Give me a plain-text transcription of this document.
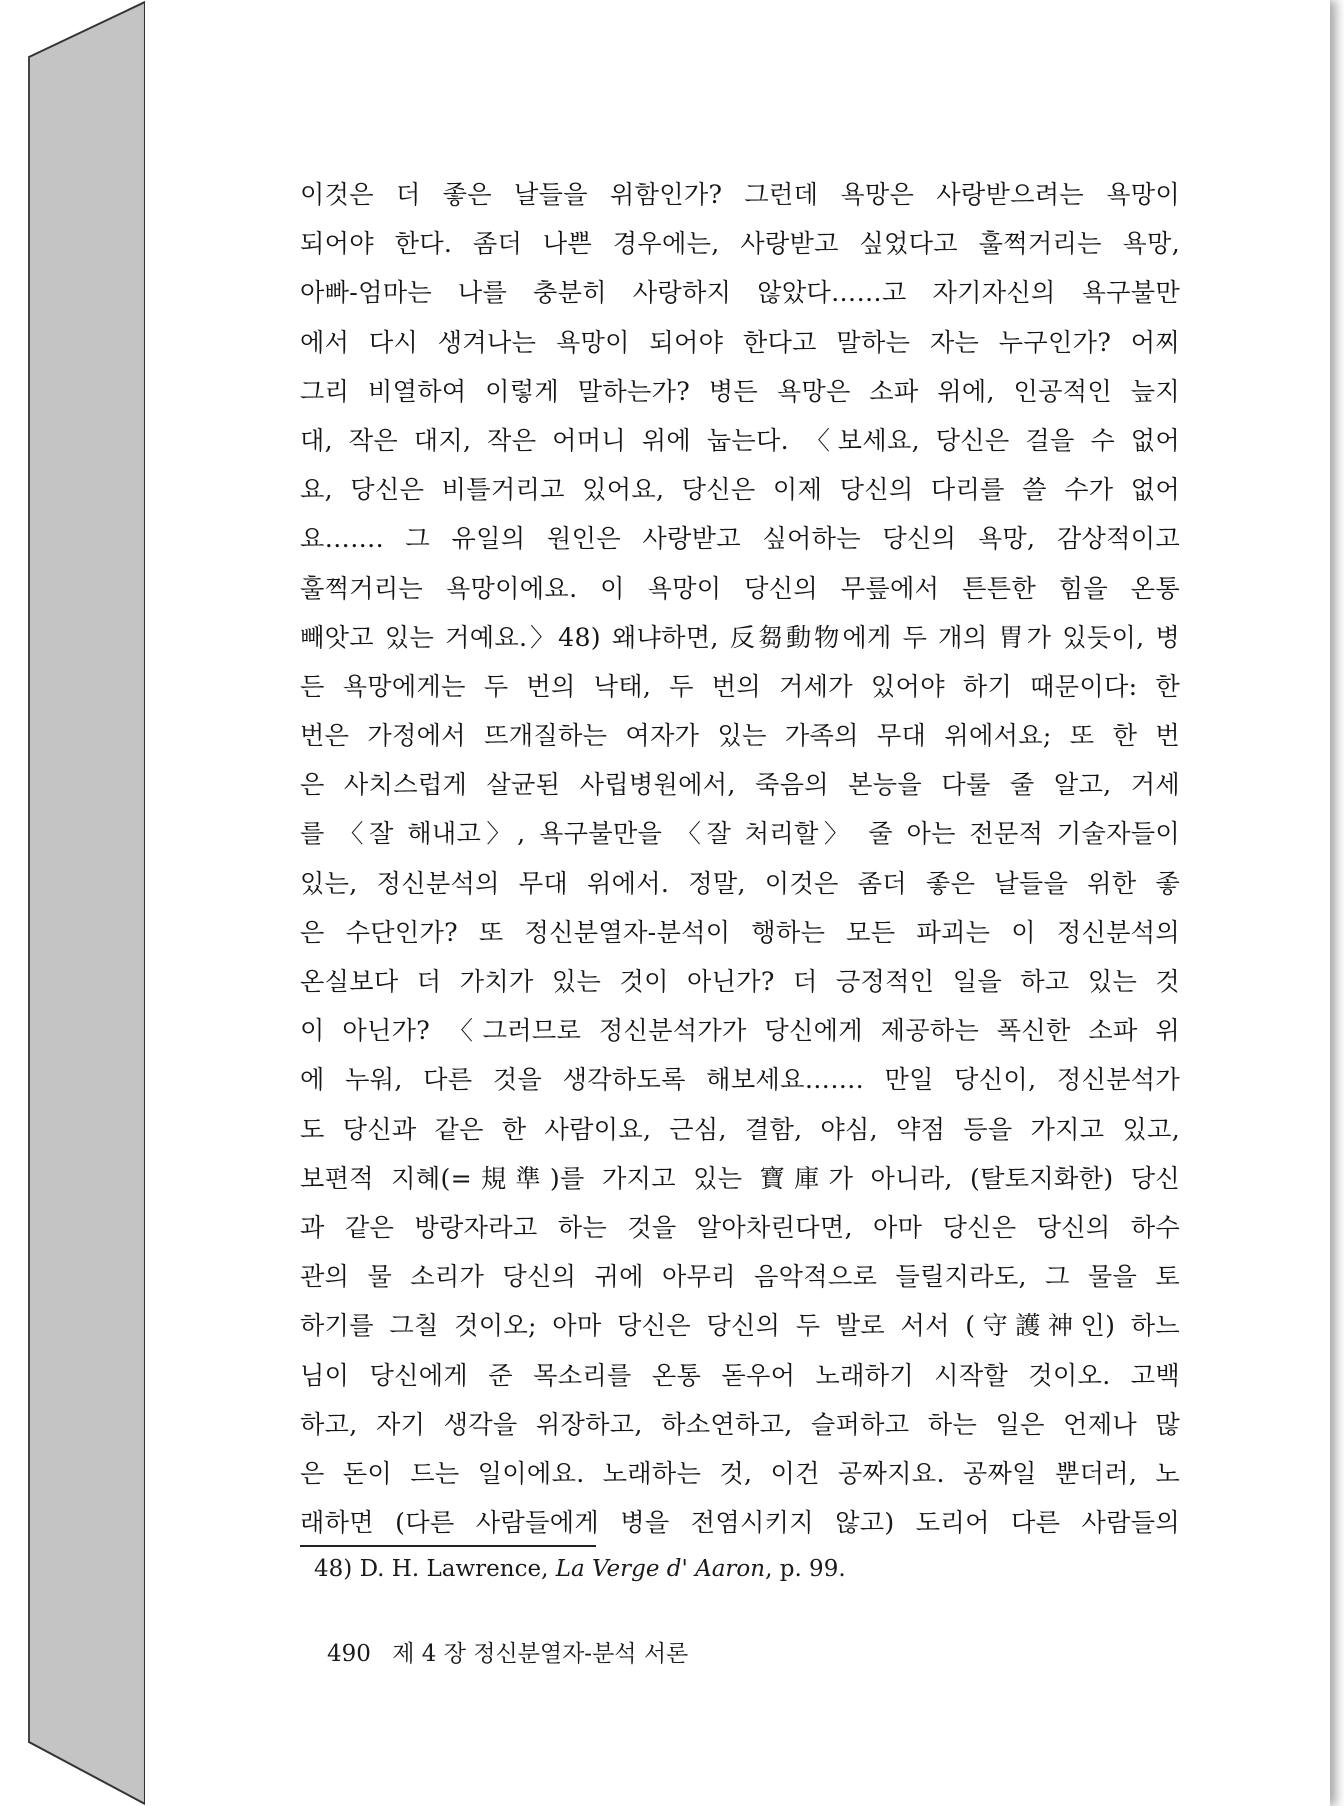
이것은 더 좋은 날들을 위함인가? 그런데 욕망은 사랑받으려는 욕망이
되어야 한다. 좀더 나쁜 경우에는, 사랑받고 싶었다고 훌쩍거리는 욕망,
아빠-엄마는 나를 충분히 사랑하지 않았다……고 자기자신의 욕구불만
에서 다시 생겨나는 욕망이 되어야 한다고 말하는 자는 누구인가? 어찌
그리 비열하여 이렇게 말하는가? 병든 욕망은 소파 위에, 인공적인 늪지
대, 작은 대지, 작은 어머니 위에 눕는다. 〈보세요, 당신은 걸을 수 없어
요, 당신은 비틀거리고 있어요, 당신은 이제 당신의 다리를 쓸 수가 없어
요……. 그 유일의 원인은 사랑받고 싶어하는 당신의 욕망, 감상적이고
훌쩍거리는 욕망이에요. 이 욕망이 당신의 무릎에서 튼튼한 힘을 온통
빼앗고 있는 거예요.〉48) 왜냐하면, 反芻動物에게 두 개의 胃가 있듯이, 병
든 욕망에게는 두 번의 낙태, 두 번의 거세가 있어야 하기 때문이다: 한
번은 가정에서 뜨개질하는 여자가 있는 가족의 무대 위에서요; 또 한 번
은 사치스럽게 살균된 사립병원에서, 죽음의 본능을 다룰 줄 알고, 거세
를 〈잘 해내고〉, 욕구불만을 〈잘 처리할〉 줄 아는 전문적 기술자들이
있는, 정신분석의 무대 위에서. 정말, 이것은 좀더 좋은 날들을 위한 좋
은 수단인가? 또 정신분열자-분석이 행하는 모든 파괴는 이 정신분석의
온실보다 더 가치가 있는 것이 아닌가? 더 긍정적인 일을 하고 있는 것
이 아닌가? 〈그러므로 정신분석가가 당신에게 제공하는 폭신한 소파 위
에 누워, 다른 것을 생각하도록 해보세요……. 만일 당신이, 정신분석가
도 당신과 같은 한 사람이요, 근심, 결함, 야심, 약점 등을 가지고 있고,
보편적 지혜(=規準)를 가지고 있는 寶庫가 아니라, (탈토지화한) 당신
과 같은 방랑자라고 하는 것을 알아차린다면, 아마 당신은 당신의 하수
관의 물 소리가 당신의 귀에 아무리 음악적으로 들릴지라도, 그 물을 토
하기를 그칠 것이오; 아마 당신은 당신의 두 발로 서서 (守護神인) 하느
님이 당신에게 준 목소리를 온통 돋우어 노래하기 시작할 것이오. 고백
하고, 자기 생각을 위장하고, 하소연하고, 슬퍼하고 하는 일은 언제나 많
은 돈이 드는 일이에요. 노래하는 것, 이건 공짜지요. 공짜일 뿐더러, 노
래하면 (다른 사람들에게 병을 전염시키지 않고) 도리어 다른 사람들의
48) D. H. Lawrence, La Verge d' Aaron, p. 99.
490 제 4 장 정신분열자-분석 서론
